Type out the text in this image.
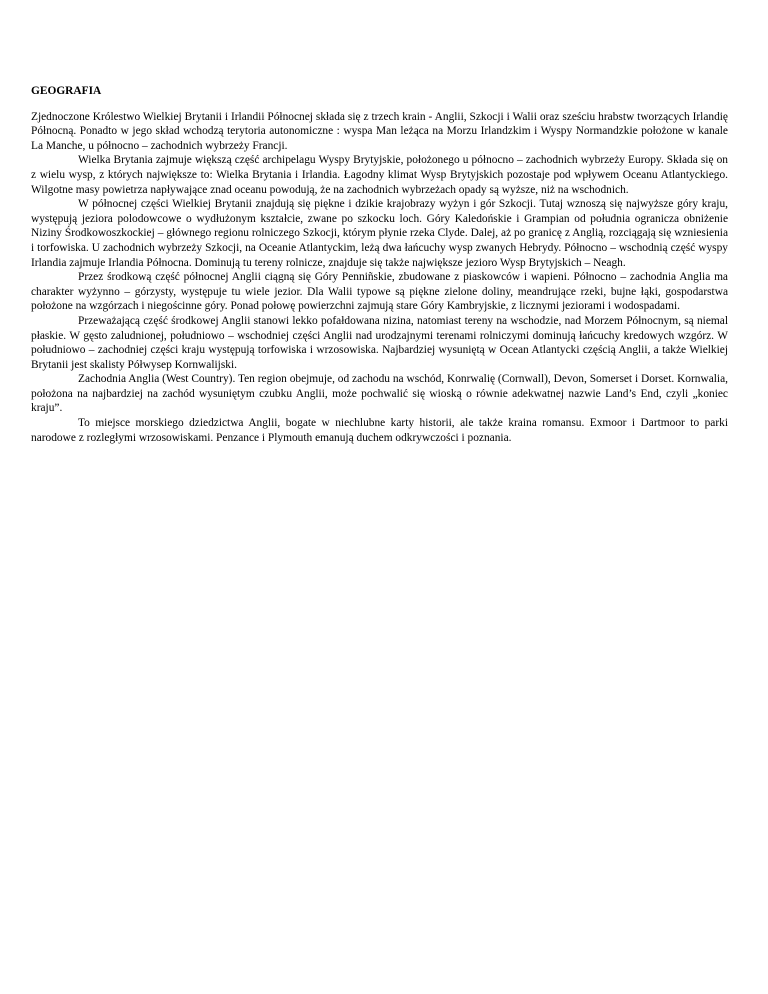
GEOGRAFIA

Zjednoczone Królestwo Wielkiej Brytanii i Irlandii Północnej składa się z trzech krain - Anglii, Szkocji i Walii oraz sześciu hrabstw tworzących Irlandię Północną. Ponadto w jego skład wchodzą terytoria autonomiczne : wyspa Man leżąca na Morzu Irlandzkim i Wyspy Normandzkie położone w kanale La Manche, u północno – zachodnich wybrzeży Francji.

Wielka Brytania zajmuje większą część archipelagu Wyspy Brytyjskie, położonego u północno – zachodnich wybrzeży Europy. Składa się on z wielu wysp, z których największe to: Wielka Brytania i Irlandia. Łagodny klimat Wysp Brytyjskich pozostaje pod wpływem Oceanu Atlantyckiego. Wilgotne masy powietrza napływające znad oceanu powodują, że na zachodnich wybrzeżach opady są wyższe, niż na wschodnich.

W północnej części Wielkiej Brytanii znajdują się piękne i dzikie krajobrazy wyżyn i gór Szkocji. Tutaj wznoszą się najwyższe góry kraju, występują jeziora polodowcowe o wydłużonym kształcie, zwane po szkocku loch. Góry Kaledońskie i Grampian od południa ogranicza obniżenie Niziny Środkowoszkockiej – głównego regionu rolniczego Szkocji, którym płynie rzeka Clyde. Dalej, aż po granicę z Anglią, rozciągają się wzniesienia i torfowiska. U zachodnich wybrzeży Szkocji, na Oceanie Atlantyckim, leżą dwa łańcuchy wysp zwanych Hebrydy. Północno – wschodnią część wyspy Irlandia zajmuje Irlandia Północna. Dominują tu tereny rolnicze, znajduje się także największe jezioro Wysp Brytyjskich – Neagh.

Przez środkową część północnej Anglii ciągną się Góry Penniñskie, zbudowane z piaskowców i wapieni. Północno – zachodnia Anglia ma charakter wyżynno – górzysty, występuje tu wiele jezior. Dla Walii typowe są piękne zielone doliny, meandrujące rzeki, bujne łąki, gospodarstwa położone na wzgórzach i niegościnne góry. Ponad połowę powierzchni zajmują stare Góry Kambryjskie, z licznymi jeziorami i wodospadami.

Przeważającą część środkowej Anglii stanowi lekko pofałdowana nizina, natomiast tereny na wschodzie, nad Morzem Północnym, są niemal płaskie. W gęsto zaludnionej, południowo – wschodniej części Anglii nad urodzajnymi terenami rolniczymi dominują łańcuchy kredowych wzgórz. W południowo – zachodniej części kraju występują torfowiska i wrzosowiska. Najbardziej wysuniętą w Ocean Atlantycki częścią Anglii, a także Wielkiej Brytanii jest skalisty Półwysep Kornwalijski.

Zachodnia Anglia (West Country). Ten region obejmuje, od zachodu na wschód, Konrwalię (Cornwall), Devon, Somerset i Dorset. Kornwalia, położona na najbardziej na zachód wysuniętym czubku Anglii, może pochwalić się wioską o równie adekwatnej nazwie Land’s End, czyli „koniec kraju”.

To miejsce morskiego dziedzictwa Anglii, bogate w niechlubne karty historii, ale także kraina romansu. Exmoor i Dartmoor to parki narodowe z rozległymi wrzosowiskami. Penzance i Plymouth emanują duchem odkrywczości i poznania.
